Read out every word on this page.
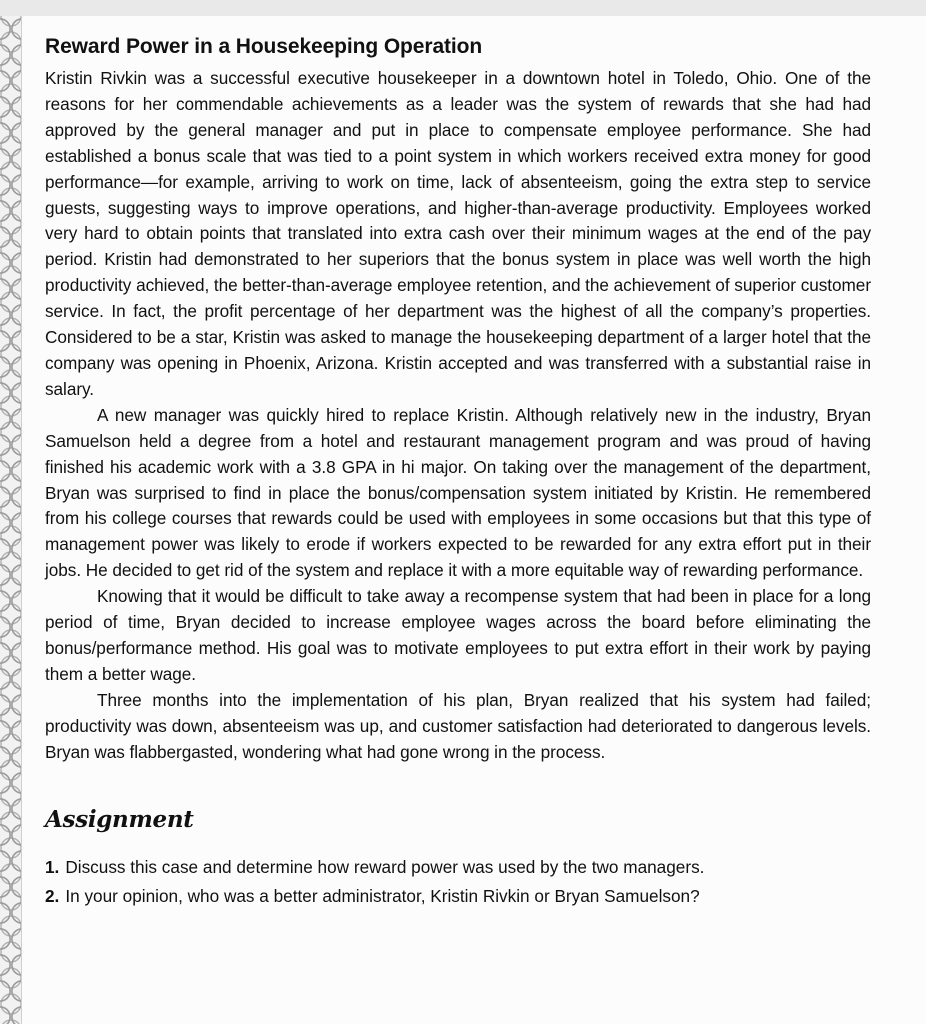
Reward Power in a Housekeeping Operation

Kristin Rivkin was a successful executive housekeeper in a downtown hotel in Toledo, Ohio. One of the reasons for her commendable achievements as a leader was the system of rewards that she had had approved by the general manager and put in place to compensate employee performance. She had established a bonus scale that was tied to a point system in which workers received extra money for good performance—for example, arriving to work on time, lack of absenteeism, going the extra step to service guests, suggesting ways to improve operations, and higher-than-average productivity. Employees worked very hard to obtain points that translated into extra cash over their minimum wages at the end of the pay period. Kristin had demonstrated to her superiors that the bonus system in place was well worth the high productivity achieved, the better-than-average employee retention, and the achievement of superior customer service. In fact, the profit percentage of her department was the highest of all the company’s properties. Considered to be a star, Kristin was asked to manage the housekeeping department of a larger hotel that the company was opening in Phoenix, Arizona. Kristin accepted and was transferred with a substantial raise in salary.

A new manager was quickly hired to replace Kristin. Although relatively new in the industry, Bryan Samuelson held a degree from a hotel and restaurant management program and was proud of having finished his academic work with a 3.8 GPA in hi major. On taking over the management of the department, Bryan was surprised to find in place the bonus/compensation system initiated by Kristin. He remembered from his college courses that rewards could be used with employees in some occasions but that this type of management power was likely to erode if workers expected to be rewarded for any extra effort put in their jobs. He decided to get rid of the system and replace it with a more equitable way of rewarding performance.

Knowing that it would be difficult to take away a recompense system that had been in place for a long period of time, Bryan decided to increase employee wages across the board before eliminating the bonus/performance method. His goal was to motivate employees to put extra effort in their work by paying them a better wage.

Three months into the implementation of his plan, Bryan realized that his system had failed; productivity was down, absenteeism was up, and customer satisfaction had deteriorated to dangerous levels. Bryan was flabbergasted, wondering what had gone wrong in the process.

Assignment
1. Discuss this case and determine how reward power was used by the two managers.
2. In your opinion, who was a better administrator, Kristin Rivkin or Bryan Samuelson?
